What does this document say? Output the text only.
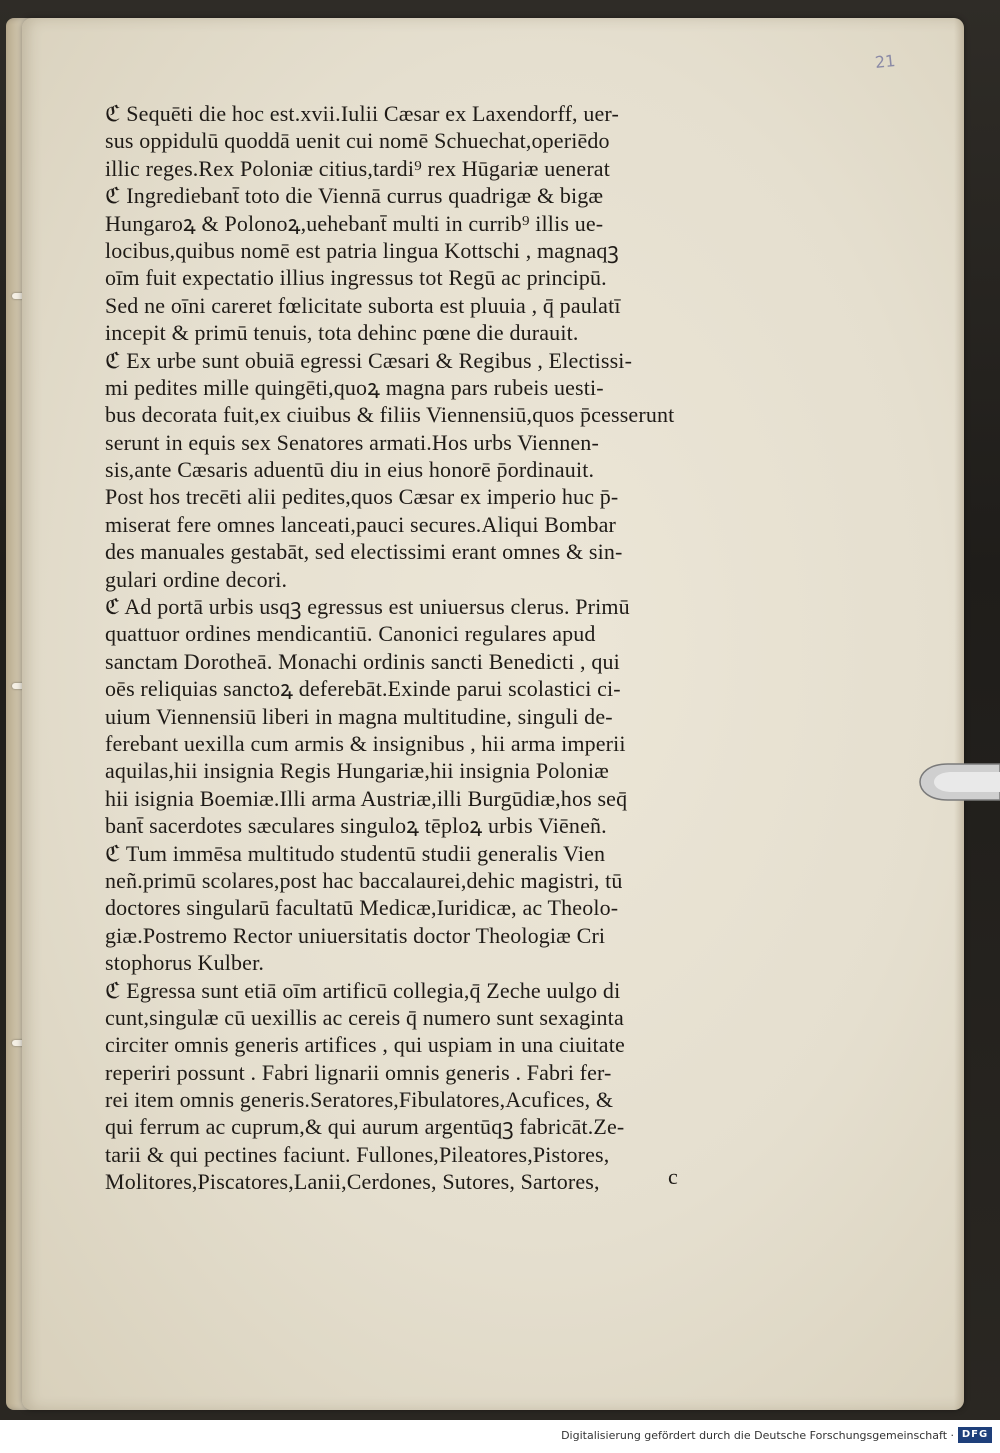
21
ℭ Sequēti die hoc est.xvii.Iulii Cæsar ex Laxendorff, uer-
sus oppidulū quoddā uenit cui nomē Schuechat,operiēdo
illic reges.Rex Poloniæ citius,tardi⁹ rex Hūgariæ uenerat
ℭ Ingrediebant̄ toto die Viennā currus quadrigæ & bigæ
Hungaroꝝ & Polonoꝝ,uehebant̄ multi in currib⁹ illis ue-
locibus,quibus nomē est patria lingua Kottschi , magnaqꝫ
oīm fuit expectatio illius ingressus tot Regū ac principū.
Sed ne oīni careret fœlicitate suborta est pluuia , q̄ paulatī
incepit & primū tenuis, tota dehinc pœne die durauit.
ℭ Ex urbe sunt obuiā egressi Cæsari & Regibus , Electissi-
mi pedites mille quingēti,quoꝝ magna pars rubeis uesti-
bus decorata fuit,ex ciuibus & filiis Viennensiū,quos p̄cesserunt
serunt in equis sex Senatores armati.Hos urbs Viennen-
sis,ante Cæsaris aduentū diu in eius honorē p̄ordinauit.
Post hos trecēti alii pedites,quos Cæsar ex imperio huc p̄-
miserat fere omnes lanceati,pauci secures.Aliqui Bombar
des manuales gestabāt, sed electissimi erant omnes & sin-
gulari ordine decori.
ℭ Ad portā urbis usqꝫ egressus est uniuersus clerus. Primū
quattuor ordines mendicantiū. Canonici regulares apud
sanctam Dorotheā. Monachi ordinis sancti Benedicti , qui
oēs reliquias sanctoꝝ deferebāt.Exinde parui scolastici ci-
uium Viennensiū liberi in magna multitudine, singuli de-
ferebant uexilla cum armis & insignibus , hii arma imperii
aquilas,hii insignia Regis Hungariæ,hii insignia Poloniæ
hii isignia Boemiæ.Illi arma Austriæ,illi Burgūdiæ,hos seq̄
bant̄ sacerdotes sæculares singuloꝝ tēploꝝ urbis Viēneñ.
ℭ Tum immēsa multitudo studentū studii generalis Vien
neñ.primū scolares,post hac baccalaurei,dehic magistri, tū
doctores singularū facultatū Medicæ,Iuridicæ, ac Theolo-
giæ.Postremo Rector uniuersitatis doctor Theologiæ Cri
stophorus Kulber.
ℭ Egressa sunt etiā oīm artificū collegia,q̄ Zeche uulgo di
cunt,singulæ cū uexillis ac cereis q̄ numero sunt sexaginta
circiter omnis generis artifices , qui uspiam in una ciuitate
reperiri possunt . Fabri lignarii omnis generis . Fabri fer-
rei item omnis generis.Seratores,Fibulatores,Acufices, &
qui ferrum ac cuprum,& qui aurum argentūqꝫ fabricāt.Ze-
tarii & qui pectines faciunt. Fullones,Pileatores,Pistores,
Molitores,Piscatores,Lanii,Cerdones, Sutores, Sartores,	c
Digitalisierung gefördert durch die Deutsche Forschungsgemeinschaft · DFG
